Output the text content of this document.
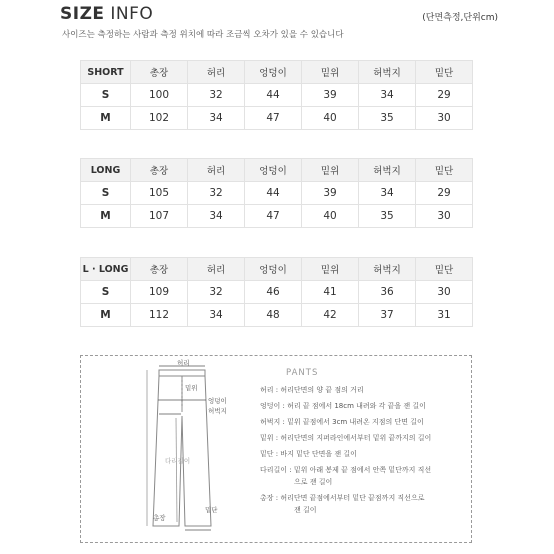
SIZE INFO	(단면측정,단위cm)
사이즈는 측정하는 사람과 측정 위치에 따라 조금씩 오차가 있을 수 있습니다
SHORT	총장	허리	엉덩이	밑위	허벅지	밑단
S	100	32	44	39	34	29
M	102	34	47	40	35	30
LONG	총장	허리	엉덩이	밑위	허벅지	밑단
S	105	32	44	39	34	29
M	107	34	47	40	35	30
L · LONG	총장	허리	엉덩이	밑위	허벅지	밑단
S	109	32	46	41	36	30
M	112	34	48	42	37	31
허리
밑위
엉덩이
허벅지
다리길이
밑단
총장
PANTS
허리 : 허리단면의 양 끝 점의 거리
엉덩이 : 허리 끝 점에서 18cm 내려와 각 끝을 잰 길이
허벅지 : 밑위 끝점에서 3cm 내려온 지점의 단면 길이
밑위 : 허리단면의 지퍼라인에서부터 밑위 끝까지의 길이
밑단 : 바지 밑단 단면을 잰 길이
다리길이 : 밑위 아래 봉제 끝 점에서 안쪽 밑단까지 직선
으로 잰 길이
총장 : 허리단면 끝점에서부터 밑단 끝점까지 직선으로
잰 길이
